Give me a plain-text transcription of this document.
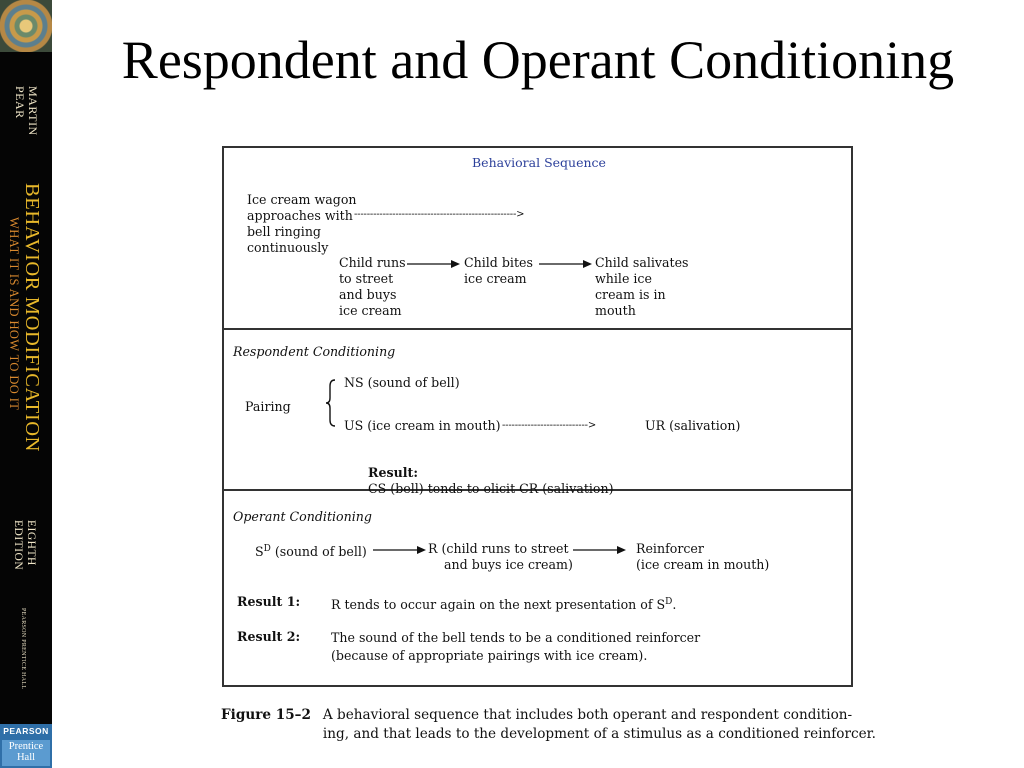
MARTIN
PEAR
BEHAVIOR MODIFICATION
WHAT IT IS AND HOW TO DO IT
EIGHTH
EDITION
PEARSON PRENTICE HALL
PEARSON
Prentice
Hall
Respondent and Operant Conditioning
Behavioral Sequence
Ice cream wagon
approaches with
bell ringing
continuously
--------------------------------------------------->
Child runs
to street
and buys
ice cream
Child bites
ice cream
Child salivates
while ice
cream is in
mouth
Respondent Conditioning
Pairing
NS (sound of bell)
US (ice cream in mouth) --------------------------->	UR (salivation)

Result:
CS (bell) tends to elicit CR (salivation)

Operant Conditioning
$S^D$ (sound of bell)	R (child runs to street
and buys ice cream)
Reinforcer
(ice cream in mouth)
Result 1: R tends to occur again on the next presentation of $S^D$.
Result 2: The sound of the bell tends to be a conditioned reinforcer
(because of appropriate pairings with ice cream).
Figure 15–2 A behavioral sequence that includes both operant and respondent condition-
ing, and that leads to the development of a stimulus as a conditioned reinforcer.
